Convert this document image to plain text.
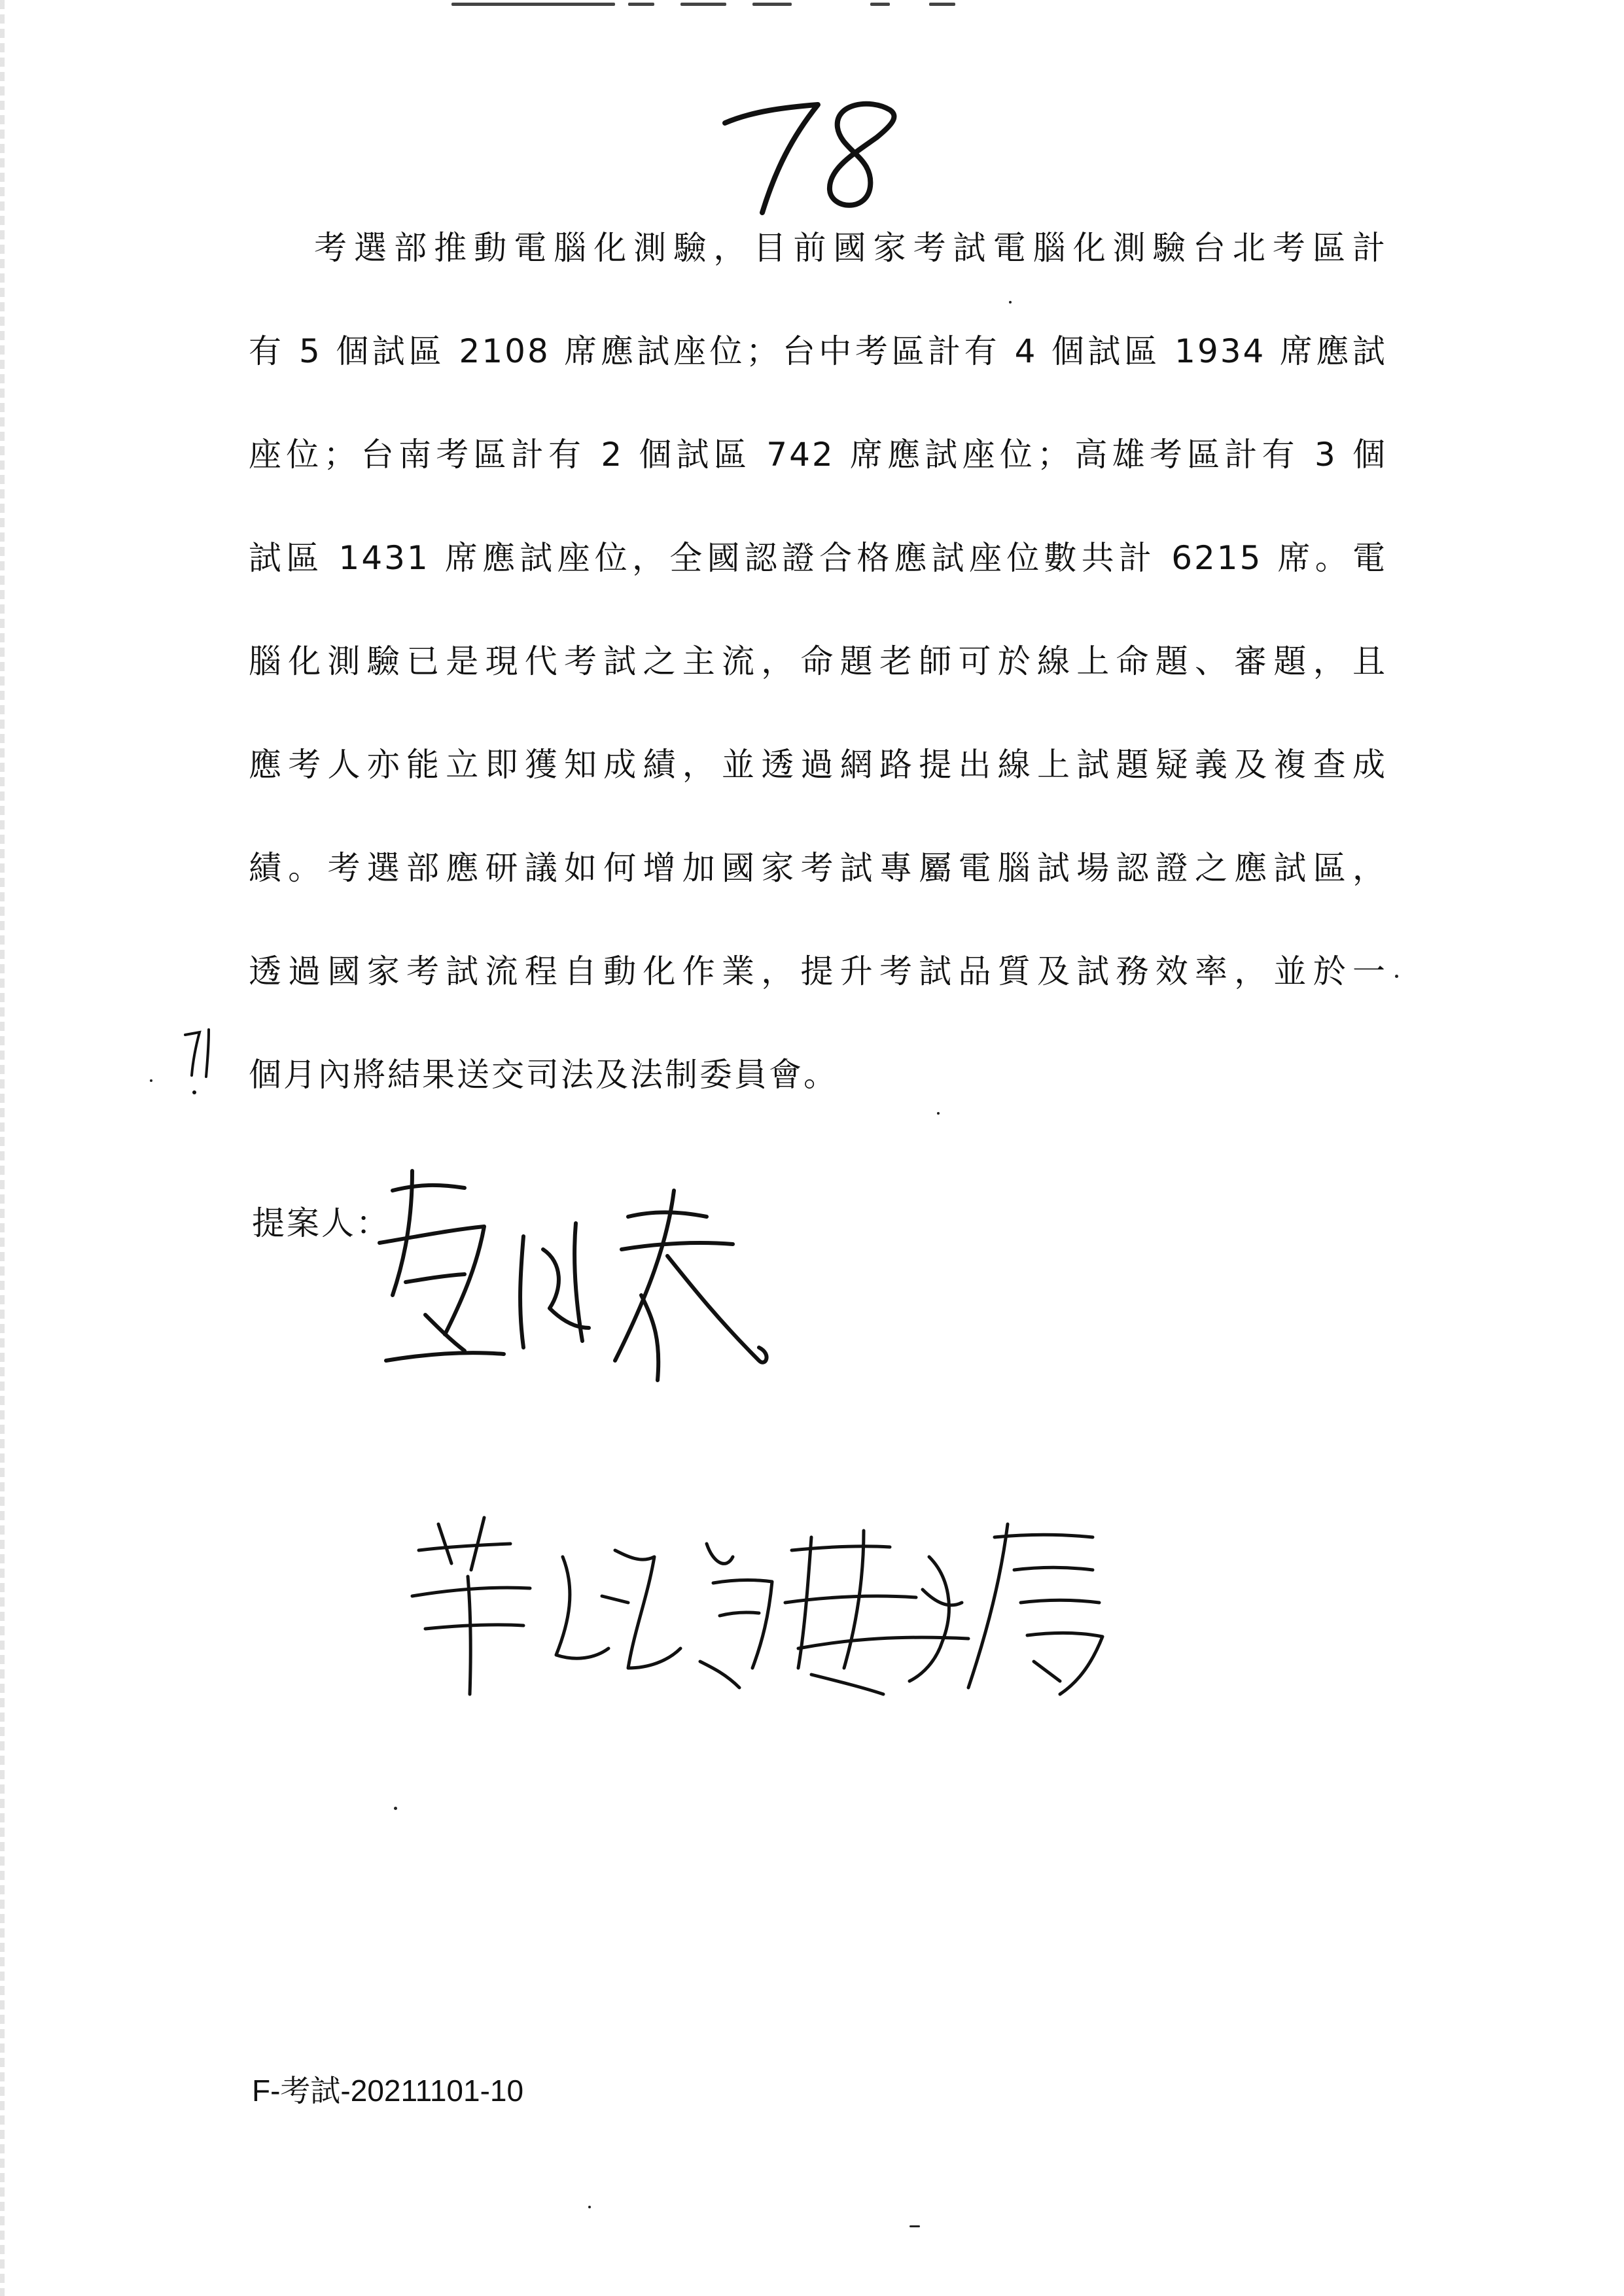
考選部推動電腦化測驗，目前國家考試電腦化測驗台北考區計
有 5 個試區 2108 席應試座位；台中考區計有 4 個試區 1934 席應試
座位；台南考區計有 2 個試區 742 席應試座位；高雄考區計有 3 個
試區 1431 席應試座位，全國認證合格應試座位數共計 6215 席。電
腦化測驗已是現代考試之主流，命題老師可於線上命題、審題，且
應考人亦能立即獲知成績，並透過網路提出線上試題疑義及複查成
績。考選部應研議如何增加國家考試專屬電腦試場認證之應試區，
透過國家考試流程自動化作業，提升考試品質及試務效率，並於一
個月內將結果送交司法及法制委員會。
提案人：
F-考試-20211101-10
